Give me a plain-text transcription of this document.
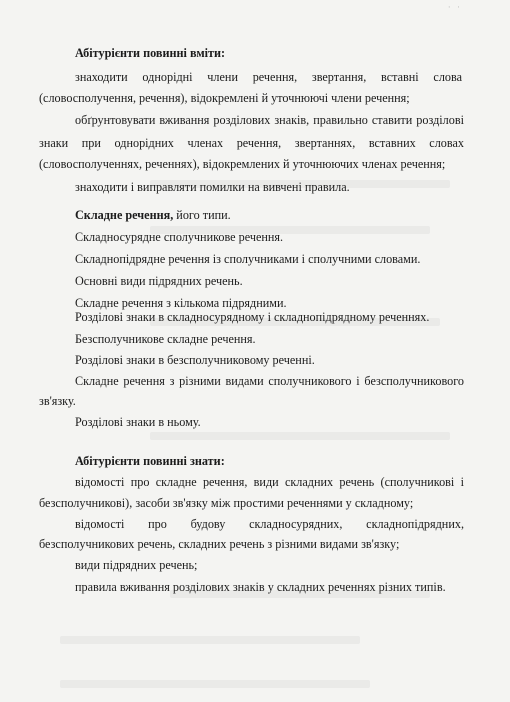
· ·
Абітурієнти повинні вміти:
знаходити однорідні члени речення, звертання, вставні слова
(словосполучення, речення), відокремлені й уточнюючі члени речення;
обґрунтовувати вживання розділових знаків, правильно ставити розділові
знаки при однорідних членах речення, звертаннях, вставних словах
(словосполученнях, реченнях), відокремлених й уточнюючих членах речення;
знаходити і виправляти помилки на вивчені правила.
Складне речення, його типи.
Складносурядне сполучникове речення.
Складнопідрядне речення із сполучниками і сполучними словами.
Основні види підрядних речень.
Складне речення з кількома підрядними.
Розділові знаки в складносурядному і складнопідрядному реченнях.
Безсполучникове складне речення.
Розділові знаки в безсполучниковому реченні.
Складне речення з різними видами сполучникового і безсполучникового
зв'язку.
Розділові знаки в ньому.
Абітурієнти повинні знати:
відомості про складне речення, види складних речень (сполучникові і
безсполучникові), засоби зв'язку між простими реченнями у складному;
відомості про будову складносурядних, складнопідрядних,
безсполучникових речень, складних речень з різними видами зв'язку;
види підрядних речень;
правила вживання розділових знаків у складних реченнях різних типів.
